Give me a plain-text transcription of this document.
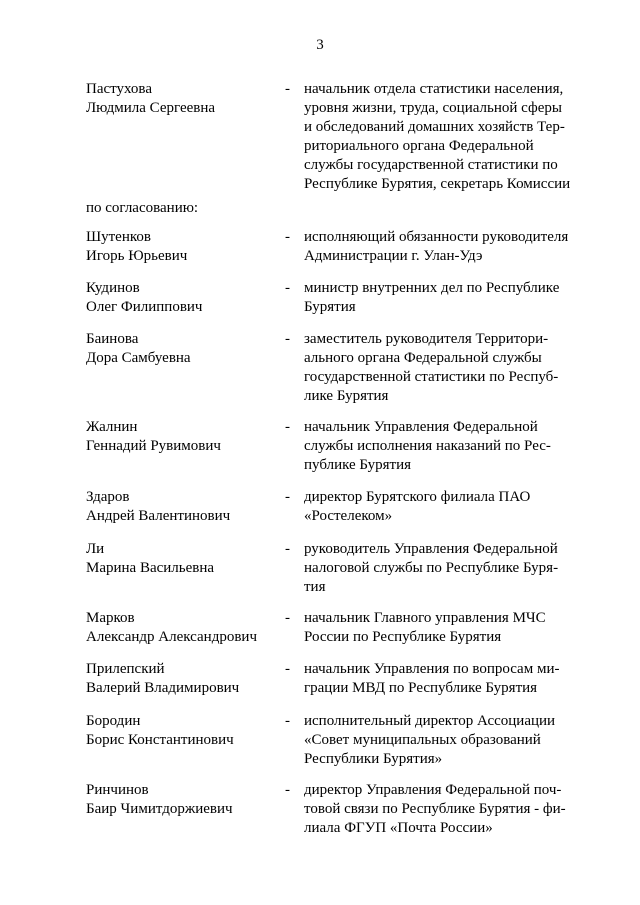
3
Пастухова
Людмила Сергеевна
- начальник отдела статистики населения,
уровня жизни, труда, социальной сферы
и обследований домашних хозяйств Тер-
риториального органа Федеральной
службы государственной статистики по
Республике Бурятия, секретарь Комиссии
по согласованию:
Шутенков
Игорь Юрьевич
- исполняющий обязанности руководителя
Администрации г. Улан-Удэ
Кудинов
Олег Филиппович
- министр внутренних дел по Республике
Бурятия
Баинова
Дора Самбуевна
- заместитель руководителя Территори-
ального органа Федеральной службы
государственной статистики по Респуб-
лике Бурятия
Жалнин
Геннадий Рувимович
- начальник Управления Федеральной
службы исполнения наказаний по Рес-
публике Бурятия
Здаров
Андрей Валентинович
- директор Бурятского филиала ПАО
«Ростелеком»
Ли
Марина Васильевна
- руководитель Управления Федеральной
налоговой службы по Республике Буря-
тия
Марков
Александр Александрович
- начальник Главного управления МЧС
России по Республике Бурятия
Прилепский
Валерий Владимирович
- начальник Управления по вопросам ми-
грации МВД по Республике Бурятия
Бородин
Борис Константинович
- исполнительный директор Ассоциации
«Совет муниципальных образований
Республики Бурятия»
Ринчинов
Баир Чимитдоржиевич
- директор Управления Федеральной поч-
товой связи по Республике Бурятия - фи-
лиала ФГУП «Почта России»
